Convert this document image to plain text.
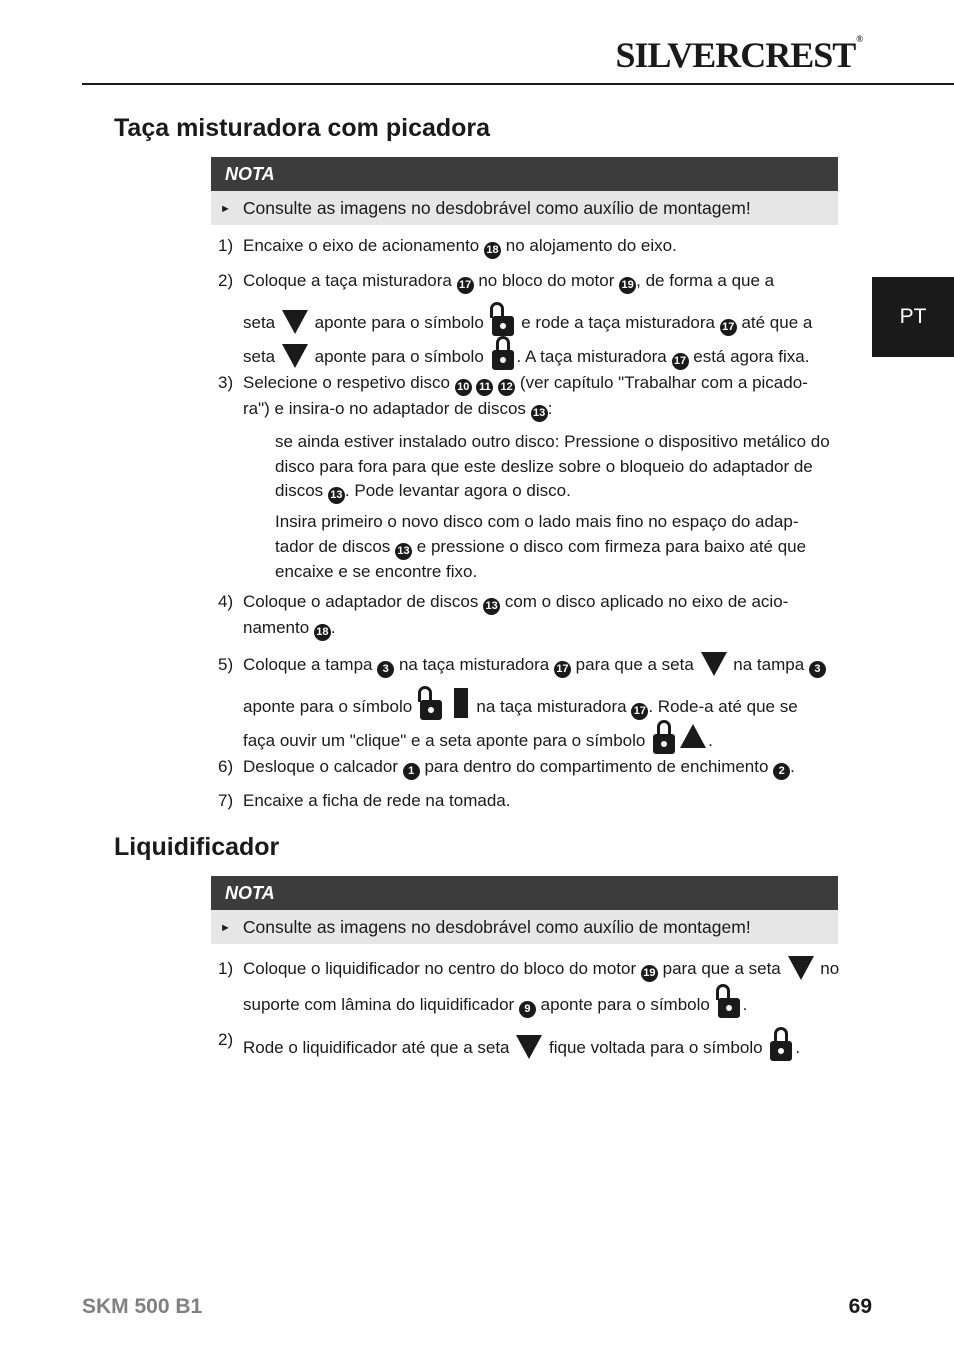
SILVERCREST®
PT
Taça misturadora com picadora
NOTA
► Consulte as imagens no desdobrável como auxílio de montagem!
1) Encaixe o eixo de acionamento 18 no alojamento do eixo.
2) Coloque a taça misturadora 17 no bloco do motor 19 , de forma a que a
seta aponte para o símbolo e rode a taça misturadora 17 até que a
seta aponte para o símbolo . A taça misturadora 17 está agora fixa.
3) Selecione o respetivo disco 10 11 12 (ver capítulo "Trabalhar com a picado-
ra") e insira-o no adaptador de discos 13 :
se ainda estiver instalado outro disco: Pressione o dispositivo metálico do disco para fora para que este deslize sobre o bloqueio do adaptador de discos 13 . Pode levantar agora o disco.
Insira primeiro o novo disco com o lado mais fino no espaço do adap-tador de discos 13 e pressione o disco com firmeza para baixo até que encaixe e se encontre fixo.
4) Coloque o adaptador de discos 13 com o disco aplicado no eixo de acio-
namento 18 .
5) Coloque a tampa 3 na taça misturadora 17 para que a seta na tampa 3
aponte para o símbolo	na taça misturadora 17 . Rode-a até que se
faça ouvir um "clique" e a seta aponte para o símbolo	.
6) Desloque o calcador 1 para dentro do compartimento de enchimento 2 .
7) Encaixe a ficha de rede na tomada.
Liquidificador
NOTA
► Consulte as imagens no desdobrável como auxílio de montagem!
1) Coloque o liquidificador no centro do bloco do motor 19 para que a seta no
suporte com lâmina do liquidificador 9 aponte para o símbolo .
2) Rode o liquidificador até que a seta fique voltada para o símbolo .
SKM 500 B1	69
